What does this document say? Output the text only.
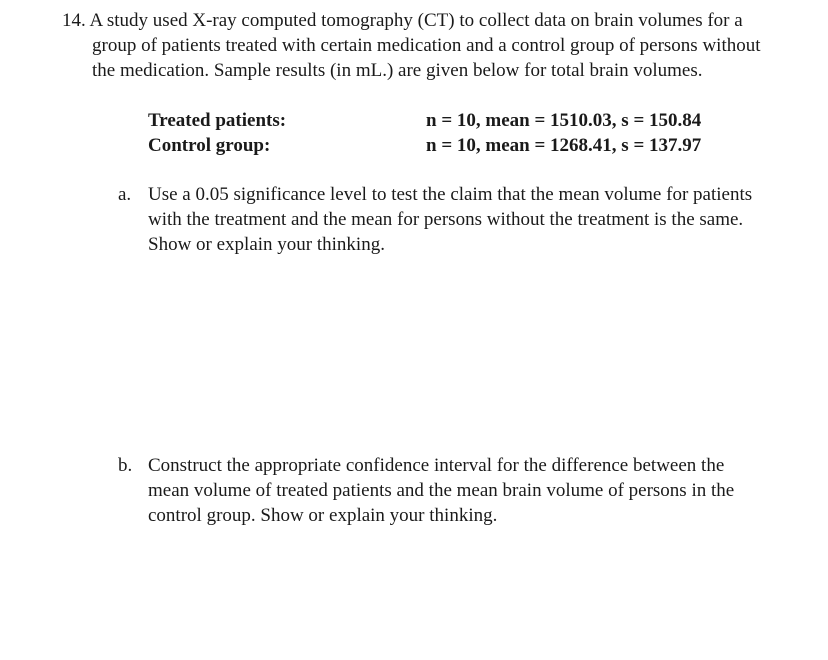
14. A study used X-ray computed tomography (CT) to collect data on brain volumes for a
group of patients treated with certain medication and a control group of persons without
the medication. Sample results (in mL.) are given below for total brain volumes.
Treated patients:	n = 10, mean = 1510.03, s = 150.84
Control group:	n = 10, mean = 1268.41, s = 137.97
a. Use a 0.05 significance level to test the claim that the mean volume for patients
with the treatment and the mean for persons without the treatment is the same.
Show or explain your thinking.
b. Construct the appropriate confidence interval for the difference between the
mean volume of treated patients and the mean brain volume of persons in the
control group. Show or explain your thinking.
